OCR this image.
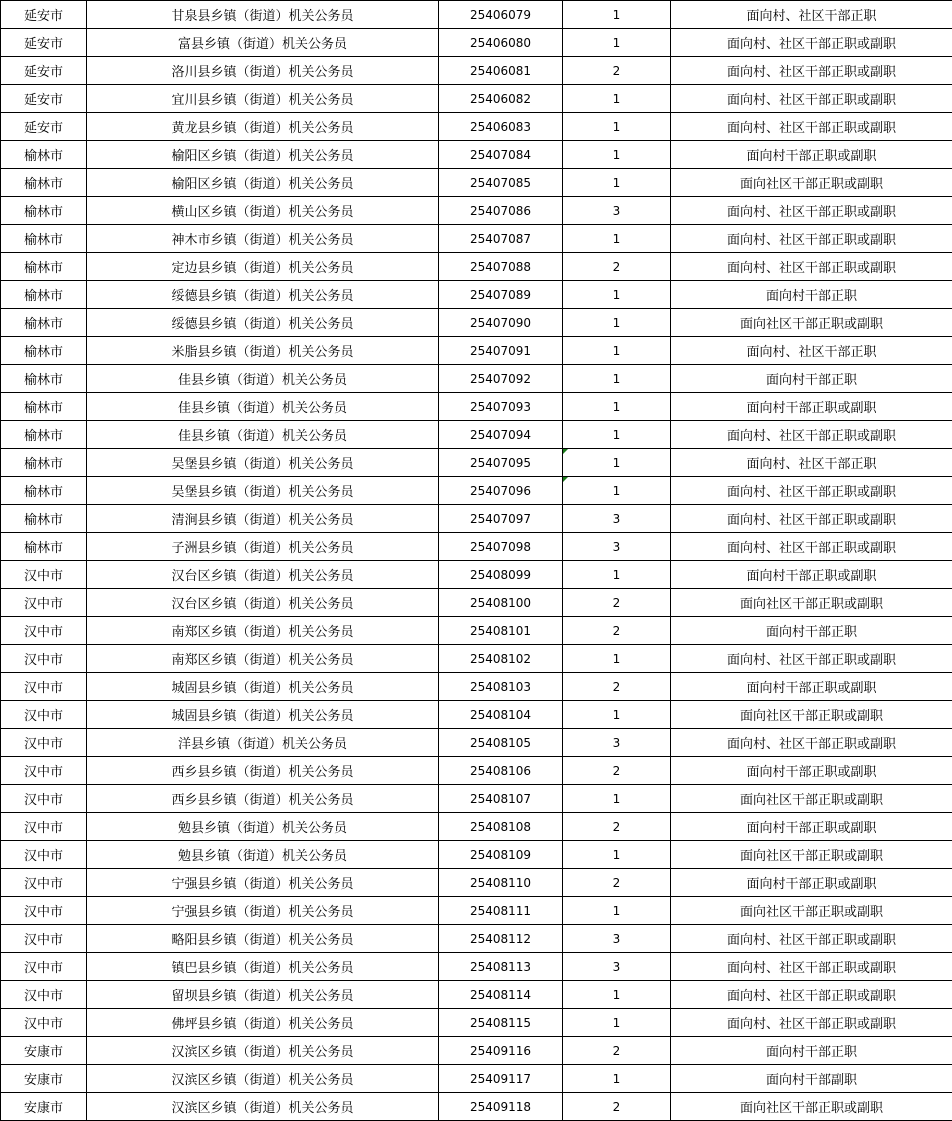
延安市	甘泉县乡镇（街道）机关公务员	25406079	1	面向村、社区干部正职
延安市	富县乡镇（街道）机关公务员	25406080	1	面向村、社区干部正职或副职
延安市	洛川县乡镇（街道）机关公务员	25406081	2	面向村、社区干部正职或副职
延安市	宜川县乡镇（街道）机关公务员	25406082	1	面向村、社区干部正职或副职
延安市	黄龙县乡镇（街道）机关公务员	25406083	1	面向村、社区干部正职或副职
榆林市	榆阳区乡镇（街道）机关公务员	25407084	1	面向村干部正职或副职
榆林市	榆阳区乡镇（街道）机关公务员	25407085	1	面向社区干部正职或副职
榆林市	横山区乡镇（街道）机关公务员	25407086	3	面向村、社区干部正职或副职
榆林市	神木市乡镇（街道）机关公务员	25407087	1	面向村、社区干部正职或副职
榆林市	定边县乡镇（街道）机关公务员	25407088	2	面向村、社区干部正职或副职
榆林市	绥德县乡镇（街道）机关公务员	25407089	1	面向村干部正职
榆林市	绥德县乡镇（街道）机关公务员	25407090	1	面向社区干部正职或副职
榆林市	米脂县乡镇（街道）机关公务员	25407091	1	面向村、社区干部正职
榆林市	佳县乡镇（街道）机关公务员	25407092	1	面向村干部正职
榆林市	佳县乡镇（街道）机关公务员	25407093	1	面向村干部正职或副职
榆林市	佳县乡镇（街道）机关公务员	25407094	1	面向村、社区干部正职或副职
榆林市	吴堡县乡镇（街道）机关公务员	25407095	1	面向村、社区干部正职
榆林市	吴堡县乡镇（街道）机关公务员	25407096	1	面向村、社区干部正职或副职
榆林市	清涧县乡镇（街道）机关公务员	25407097	3	面向村、社区干部正职或副职
榆林市	子洲县乡镇（街道）机关公务员	25407098	3	面向村、社区干部正职或副职
汉中市	汉台区乡镇（街道）机关公务员	25408099	1	面向村干部正职或副职
汉中市	汉台区乡镇（街道）机关公务员	25408100	2	面向社区干部正职或副职
汉中市	南郑区乡镇（街道）机关公务员	25408101	2	面向村干部正职
汉中市	南郑区乡镇（街道）机关公务员	25408102	1	面向村、社区干部正职或副职
汉中市	城固县乡镇（街道）机关公务员	25408103	2	面向村干部正职或副职
汉中市	城固县乡镇（街道）机关公务员	25408104	1	面向社区干部正职或副职
汉中市	洋县乡镇（街道）机关公务员	25408105	3	面向村、社区干部正职或副职
汉中市	西乡县乡镇（街道）机关公务员	25408106	2	面向村干部正职或副职
汉中市	西乡县乡镇（街道）机关公务员	25408107	1	面向社区干部正职或副职
汉中市	勉县乡镇（街道）机关公务员	25408108	2	面向村干部正职或副职
汉中市	勉县乡镇（街道）机关公务员	25408109	1	面向社区干部正职或副职
汉中市	宁强县乡镇（街道）机关公务员	25408110	2	面向村干部正职或副职
汉中市	宁强县乡镇（街道）机关公务员	25408111	1	面向社区干部正职或副职
汉中市	略阳县乡镇（街道）机关公务员	25408112	3	面向村、社区干部正职或副职
汉中市	镇巴县乡镇（街道）机关公务员	25408113	3	面向村、社区干部正职或副职
汉中市	留坝县乡镇（街道）机关公务员	25408114	1	面向村、社区干部正职或副职
汉中市	佛坪县乡镇（街道）机关公务员	25408115	1	面向村、社区干部正职或副职
安康市	汉滨区乡镇（街道）机关公务员	25409116	2	面向村干部正职
安康市	汉滨区乡镇（街道）机关公务员	25409117	1	面向村干部副职
安康市	汉滨区乡镇（街道）机关公务员	25409118	2	面向社区干部正职或副职
